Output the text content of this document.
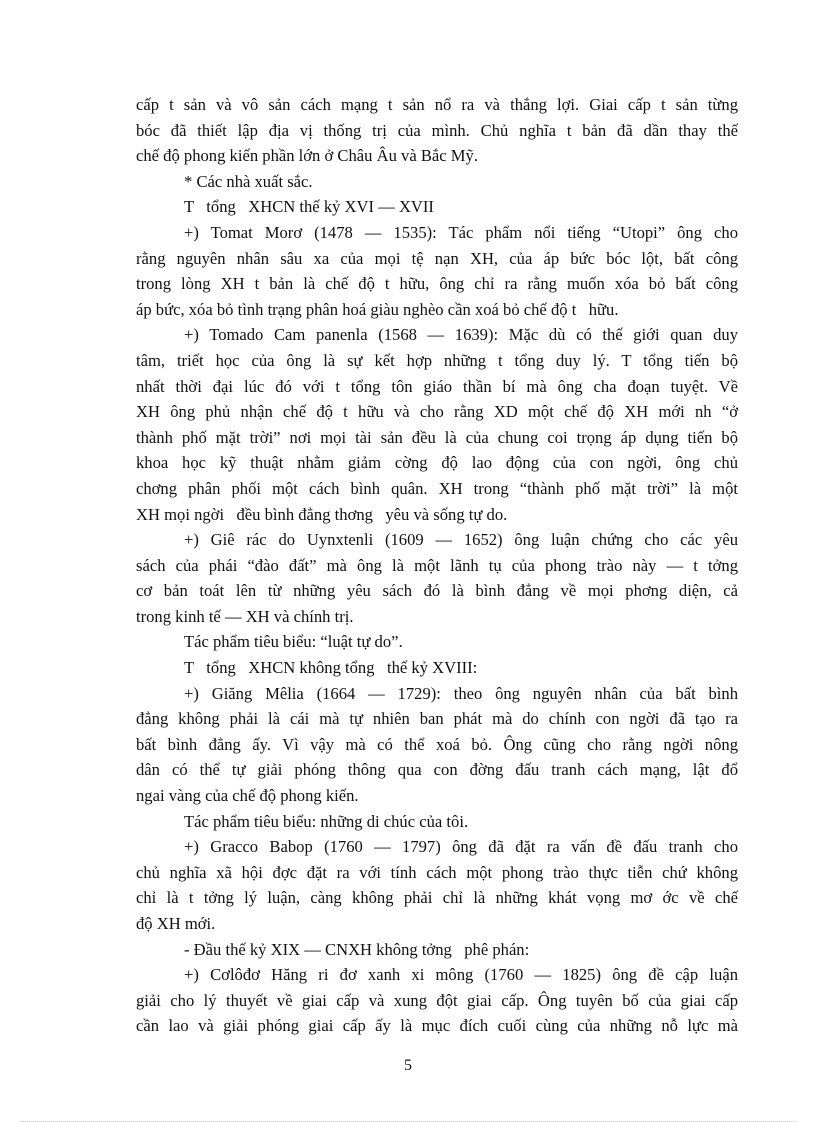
cấp t sản và vô sản cách mạng t sản nổ ra và thắng lợi. Giai cấp t sản từng
bóc đã thiết lập địa vị thống trị của mình. Chủ nghĩa t bản đã dần thay thế
chế độ phong kiến phần lớn ở Châu Âu và Bắc Mỹ.
* Các nhà xuất sắc.
T   tổng   XHCN thế kỷ XVI — XVII
+) Tomat Morơ (1478 — 1535): Tác phẩm nổi tiếng “Utopi” ông cho
rằng nguyên nhân sâu xa của mọi tệ nạn XH, của áp bức bóc lột, bất công
trong lòng XH t bản là chế độ t hữu, ông chỉ ra rằng muốn xóa bỏ bất công
áp bức, xóa bỏ tình trạng phân hoá giàu nghèo cần xoá bỏ chế độ t   hữu.
+) Tomado Cam panenla (1568 — 1639): Mặc dù có thế giới quan duy
tâm, triết học của ông là sự kết hợp những t tổng duy lý. T tổng tiến bộ
nhất thời đại lúc đó với t tổng tôn giáo thần bí mà ông cha đoạn tuyệt. Về
XH ông phủ nhận chế độ t hữu và cho rằng XD một chế độ XH mới nh “ở
thành phố mặt trời” nơi mọi tài sản đều là của chung coi trọng áp dụng tiến bộ
khoa học kỹ thuật nhằm giảm cờng độ lao động của con ngời, ông chủ
chơng phân phối một cách bình quân. XH trong “thành phố mặt trời” là một
XH mọi ngời   đều bình đẳng thơng   yêu và sống tự do.
+) Giê rác do Uynxtenli (1609 — 1652) ông luận chứng cho các yêu
sách của phái “đào đất” mà ông là một lãnh tụ của phong trào này — t tởng
cơ bản toát lên từ những yêu sách đó là bình đẳng về mọi phơng diện, cả
trong kinh tế — XH và chính trị.
Tác phẩm tiêu biểu: “luật tự do”.
T   tổng   XHCN không tổng   thế kỷ XVIII:
+) Giăng Mêlia (1664 — 1729): theo ông nguyên nhân của bất bình
đẳng không phải là cái mà tự nhiên ban phát mà do chính con ngời đã tạo ra
bất bình đẳng ấy. Vì vậy mà có thể xoá bỏ. Ông cũng cho rằng ngời nông
dân có thể tự giải phóng thông qua con đờng đấu tranh cách mạng, lật đổ
ngai vàng của chế độ phong kiến.
Tác phẩm tiêu biểu: những di chúc của tôi.
+) Gracco Babop (1760 — 1797) ông đã đặt ra vấn đề đấu tranh cho
chủ nghĩa xã hội đợc đặt ra với tính cách một phong trào thực tiễn chứ không
chỉ là t tởng lý luận, càng không phải chỉ là những khát vọng mơ ớc về chế
độ XH mới.
- Đầu thế kỷ XIX — CNXH không tởng   phê phán:
+) Cơlôđơ Hăng ri đơ xanh xi mông (1760 — 1825) ông đề cập luận
giải cho lý thuyết về giai cấp và xung đột giai cấp. Ông tuyên bố của giai cấp
cần lao và giải phóng giai cấp ấy là mục đích cuối cùng của những nỗ lực mà
5
